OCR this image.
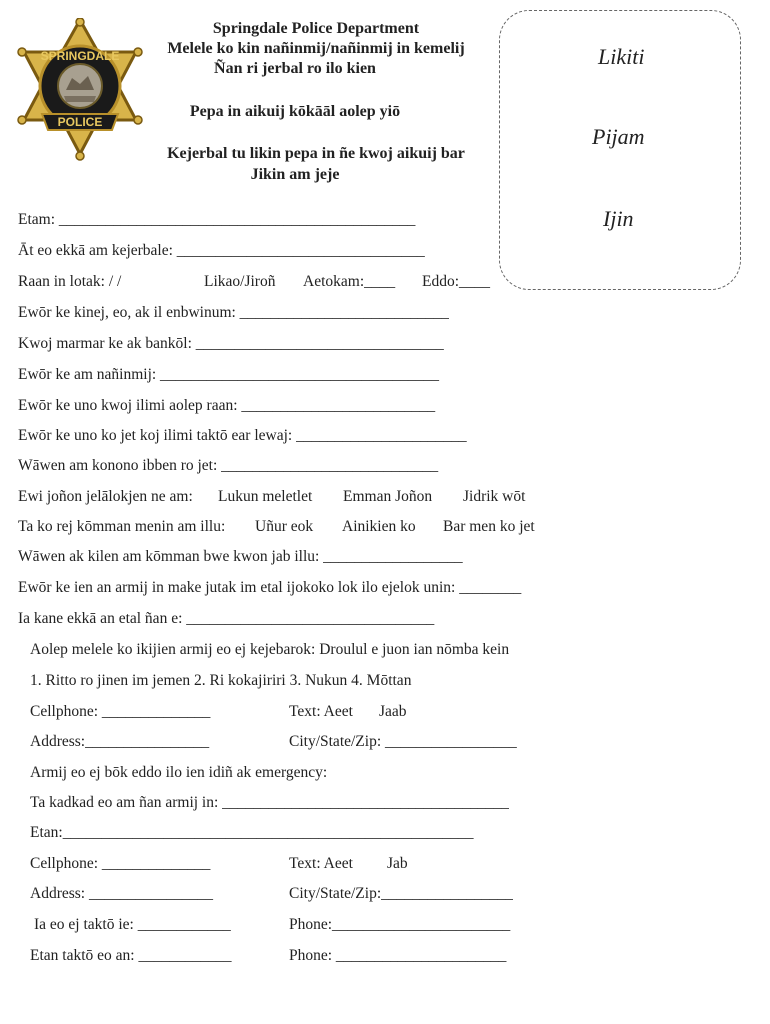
SPRINGDALE
POLICE
Springdale Police Department
Melele ko kin nañinmij/nañinmij in kemelij
Ñan ri jerbal ro ilo kien
Pepa in aikuij kōkāāl aolep yiō
Kejerbal tu likin pepa in ñe kwoj aikuij bar
Jikin am jeje
Likiti
Pijam
Ijin
Etam: ______________________________________________
Āt eo ekkā am kejerbale: ________________________________
Raan in lotak: / /	Likao/Jiroñ Aetokam:____ Eddo:____
Ewōr ke kinej, eo, ak il enbwinum: ___________________________
Kwoj marmar ke ak bankōl: ________________________________
Ewōr ke am nañinmij: ____________________________________
Ewōr ke uno kwoj ilimi aolep raan: _________________________
Ewōr ke uno ko jet koj ilimi taktō ear lewaj: ______________________
Wāwen am konono ibben ro jet: ____________________________
Ewi joñon jelālokjen ne am: Lukun meletlet Emman Joñon Jidrik wōt
Ta ko rej kōmman menin am illu: Uñur eok Ainikien ko Bar men ko jet
Wāwen ak kilen am kōmman bwe kwon jab illu: __________________
Ewōr ke ien an armij in make jutak im etal ijokoko lok ilo ejelok unin: ________
Ia kane ekkā an etal ñan e: ________________________________
Aolep melele ko ikijien armij eo ej kejebarok: Droulul e juon ian nōmba kein
1. Ritto ro jinen im jemen 2. Ri kokajiriri 3. Nukun 4. Mōttan
Cellphone: ______________	Text: Aeet Jaab
Address:________________	City/State/Zip: _________________
Armij eo ej bōk eddo ilo ien idiñ ak emergency:
Ta kadkad eo am ñan armij in: _____________________________________
Etan:_____________________________________________________
Cellphone: ______________	Text: Aeet Jab
Address: ________________	City/State/Zip:_________________
Ia eo ej taktō ie: ____________	Phone:_______________________
Etan taktō eo an: ____________	Phone: ______________________
